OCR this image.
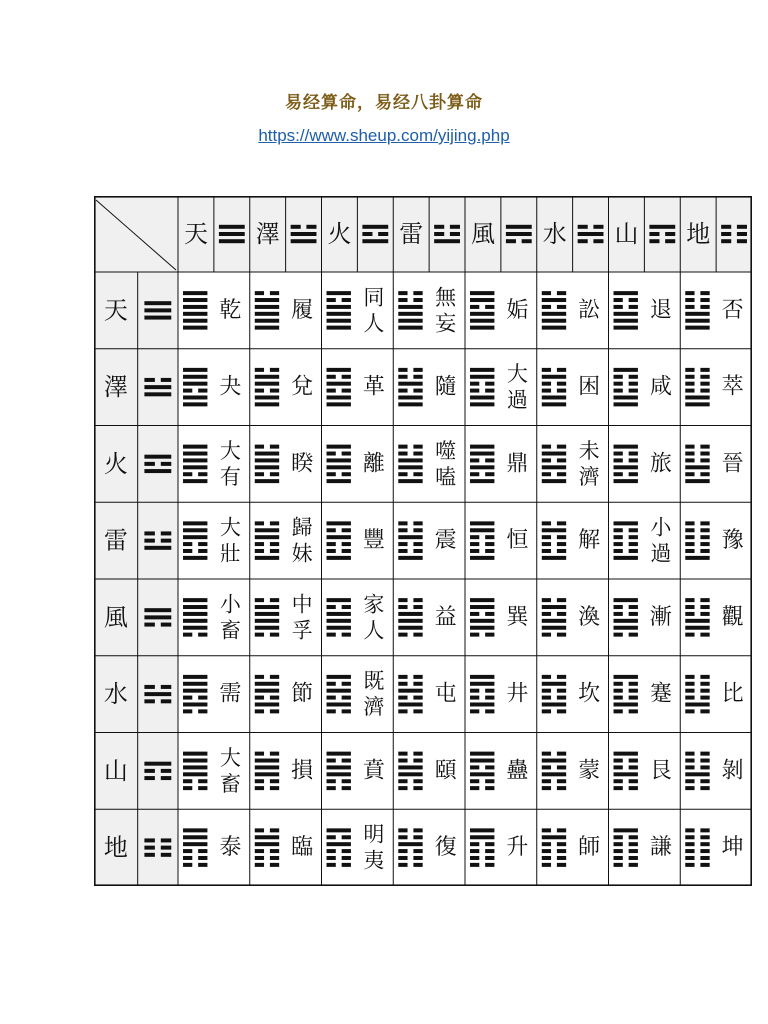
易经算命，易经八卦算命
https://www.sheup.com/yijing.php
天 澤 火 雷 風 水 山 地
天
澤
火
雷
風
水
山
地
乾 履
同人
無妄
姤 訟 退 否
夬 兌 革 隨
大過
困 咸 萃
大有
睽 離
噬嗑
鼎
未濟
旅 晉
大壯
歸妹
豐 震 恒 解
小過
豫
小畜
中孚
家人
益 巽 渙 漸 觀
需 節
既濟
屯 井 坎 蹇 比
大畜
損 賁 頤 蠱 蒙 艮 剝
泰 臨
明夷
復 升 師 謙 坤
